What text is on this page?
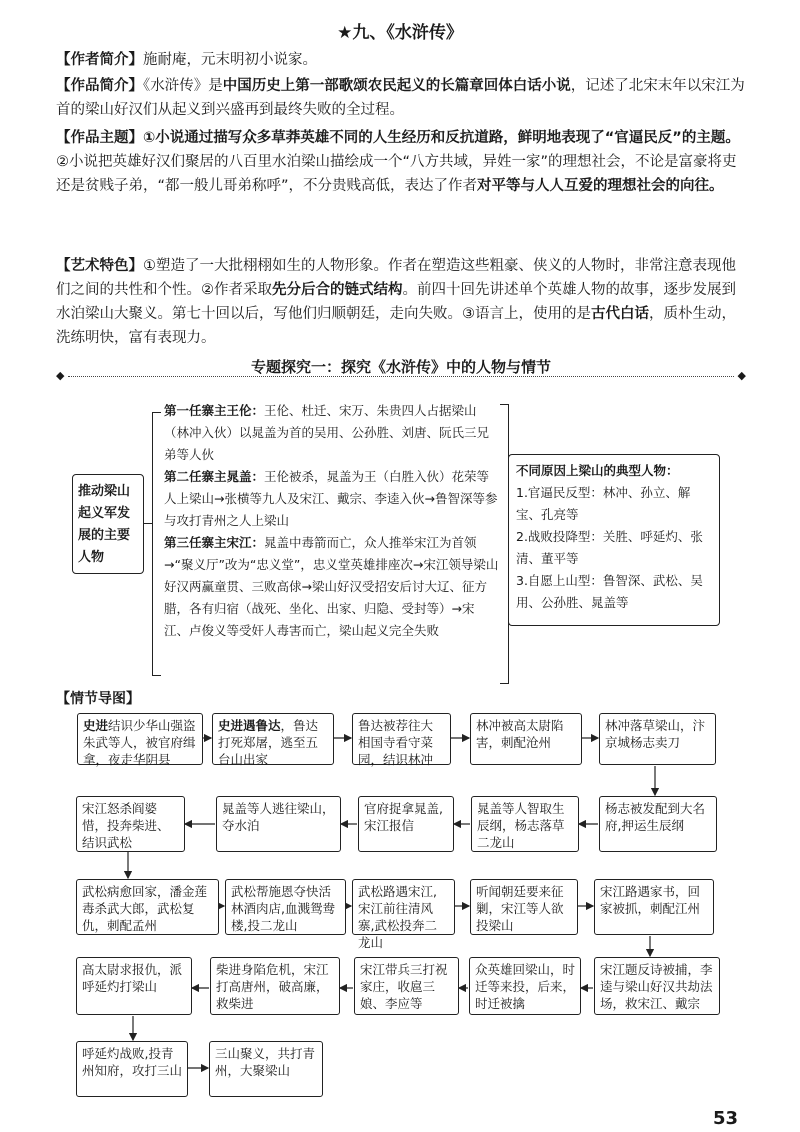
★九、《水浒传》
【作者简介】施耐庵，元末明初小说家。
【作品简介】《水浒传》是中国历史上第一部歌颂农民起义的长篇章回体白话小说，记述了北宋末年以宋江为首的梁山好汉们从起义到兴盛再到最终失败的全过程。
【作品主题】①小说通过描写众多草莽英雄不同的人生经历和反抗道路，鲜明地表现了“官逼民反”的主题。②小说把英雄好汉们聚居的八百里水泊梁山描绘成一个“八方共域，异姓一家”的理想社会，不论是富豪将吏还是贫贱子弟，“都一般儿哥弟称呼”，不分贵贱高低，表达了作者对平等与人人互爱的理想社会的向往。
【艺术特色】①塑造了一大批栩栩如生的人物形象。作者在塑造这些粗豪、侠义的人物时，非常注意表现他们之间的共性和个性。②作者采取先分后合的链式结构。前四十回先讲述单个英雄人物的故事，逐步发展到水泊梁山大聚义。第七十回以后，写他们归顺朝廷，走向失败。③语言上，使用的是古代白话，质朴生动，洗练明快，富有表现力。
◆	◆
专题探究一：探究《水浒传》中的人物与情节
推动梁山起义军发展的主要人物
第一任寨主王伦：王伦、杜迁、宋万、朱贵四人占据梁山（林冲入伙）以晁盖为首的吴用、公孙胜、刘唐、阮氏三兄弟等人伙
第二任寨主晁盖：王伦被杀，晁盖为王（白胜入伙）花荣等人上梁山→张横等九人及宋江、戴宗、李逵入伙→鲁智深等参与攻打青州之人上梁山
第三任寨主宋江：晁盖中毒箭而亡，众人推举宋江为首领→“聚义厅”改为“忠义堂”，忠义堂英雄排座次→宋江领导梁山好汉两赢童贯、三败高俅→梁山好汉受招安后讨大辽、征方腊，各有归宿（战死、坐化、出家、归隐、受封等）→宋江、卢俊义等受奸人毒害而亡，梁山起义完全失败
不同原因上梁山的典型人物：
1.官逼民反型：林冲、孙立、解宝、孔亮等
2.战败投降型：关胜、呼延灼、张清、董平等
3.自愿上山型：鲁智深、武松、吴用、公孙胜、晁盖等
【情节导图】
史进结识少华山强盗朱武等人，被官府缉拿，夜走华阴县
史进遇鲁达，鲁达打死郑屠，逃至五台山出家
鲁达被荐往大相国寺看守菜园，结识林冲
林冲被高太尉陷害，刺配沧州
林冲落草梁山，汴京城杨志卖刀
杨志被发配到大名府,押运生辰纲
晁盖等人智取生辰纲，杨志落草二龙山
官府捉拿晁盖,宋江报信
晁盖等人逃往梁山，夺水泊
宋江怒杀阎婆惜，投奔柴进、结识武松
武松病愈回家，潘金莲毒杀武大郎，武松复仇，刺配孟州
武松帮施恩夺快活林酒肉店,血溅鸳鸯楼,投二龙山
武松路遇宋江,宋江前往清风寨,武松投奔二龙山
听闻朝廷要来征剿，宋江等人欲投梁山
宋江路遇家书，回家被抓，刺配江州
宋江题反诗被捕，李逵与梁山好汉共劫法场，救宋江、戴宗
众英雄回梁山，时迁等来投，后来，时迁被擒
宋江带兵三打祝家庄，收扈三娘、李应等
柴进身陷危机，宋江打高唐州，破高廉，救柴进
高太尉求报仇，派呼延灼打梁山
呼延灼战败,投青州知府，攻打三山
三山聚义，共打青州，大聚梁山
53
